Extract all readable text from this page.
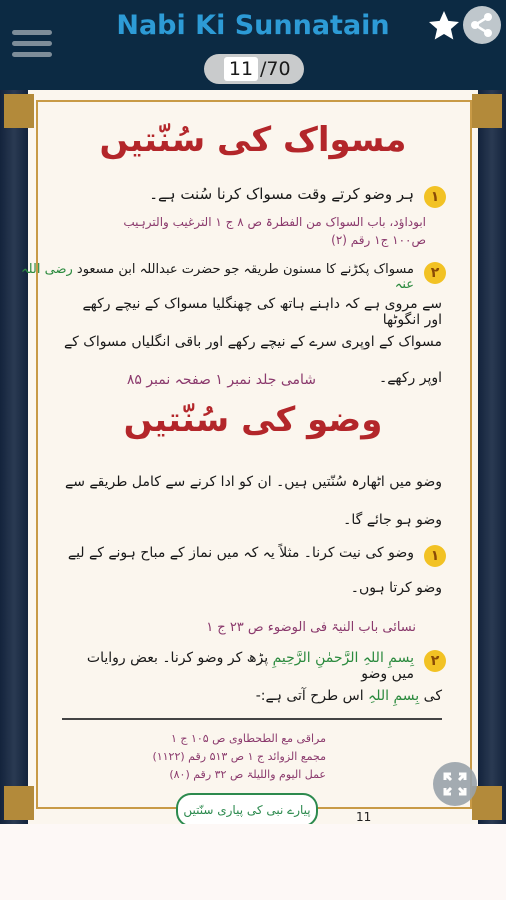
Nabi Ki Sunnatain
11 /70
مسواک کی سُنّتیں
١
ہر وضو کرتے وقت مسواک کرنا سُنت ہے۔
ابوداؤد، باب السواک من الفطرۃ ص ۸ ج ۱ الترغیب والترہیب ص۱۰۰ ج۱ رقم (۲)
٢
مسواک پکڑنے کا مسنون طریقہ جو حضرت عبداللہ ابن مسعود رضی اللہ عنہ
سے مروی ہے کہ داہنے ہاتھ کی چھنگلیا مسواک کے نیچے رکھے اور انگوٹھا
مسواک کے اوپری سرے کے نیچے رکھے اور باقی انگلیاں مسواک کے
اوپر رکھے۔
شامی جلد نمبر ۱ صفحہ نمبر ۸۵
وضو کی سُنّتیں
وضو میں اٹھارہ سُنّتیں ہیں۔ ان کو ادا کرنے سے کامل طریقے سے
وضو ہو جائے گا۔
١
وضو کی نیت کرنا۔ مثلاً یہ کہ میں نماز کے مباح ہونے کے لیے
وضو کرتا ہوں۔
نسائی باب النیۃ فی الوضوء ص ۲۳ ج ۱
٢
بِسمِ اللہِ الرَّحمٰنِ الرَّحِیمِ پڑھ کر وضو کرنا۔ بعض روایات میں وضو
کی بِسمِ اللہِ اس طرح آتی ہے:-
مراقی مع الطحطاوی ص ۱۰۵ ج ۱
مجمع الزوائد ج ۱ ص ۵۱۳ رقم (۱۱۲۲)
عمل الیوم واللیلۃ ص ۳۲ رقم (۸۰)
پیارے نبی کی پیاری سنّتیں	11
